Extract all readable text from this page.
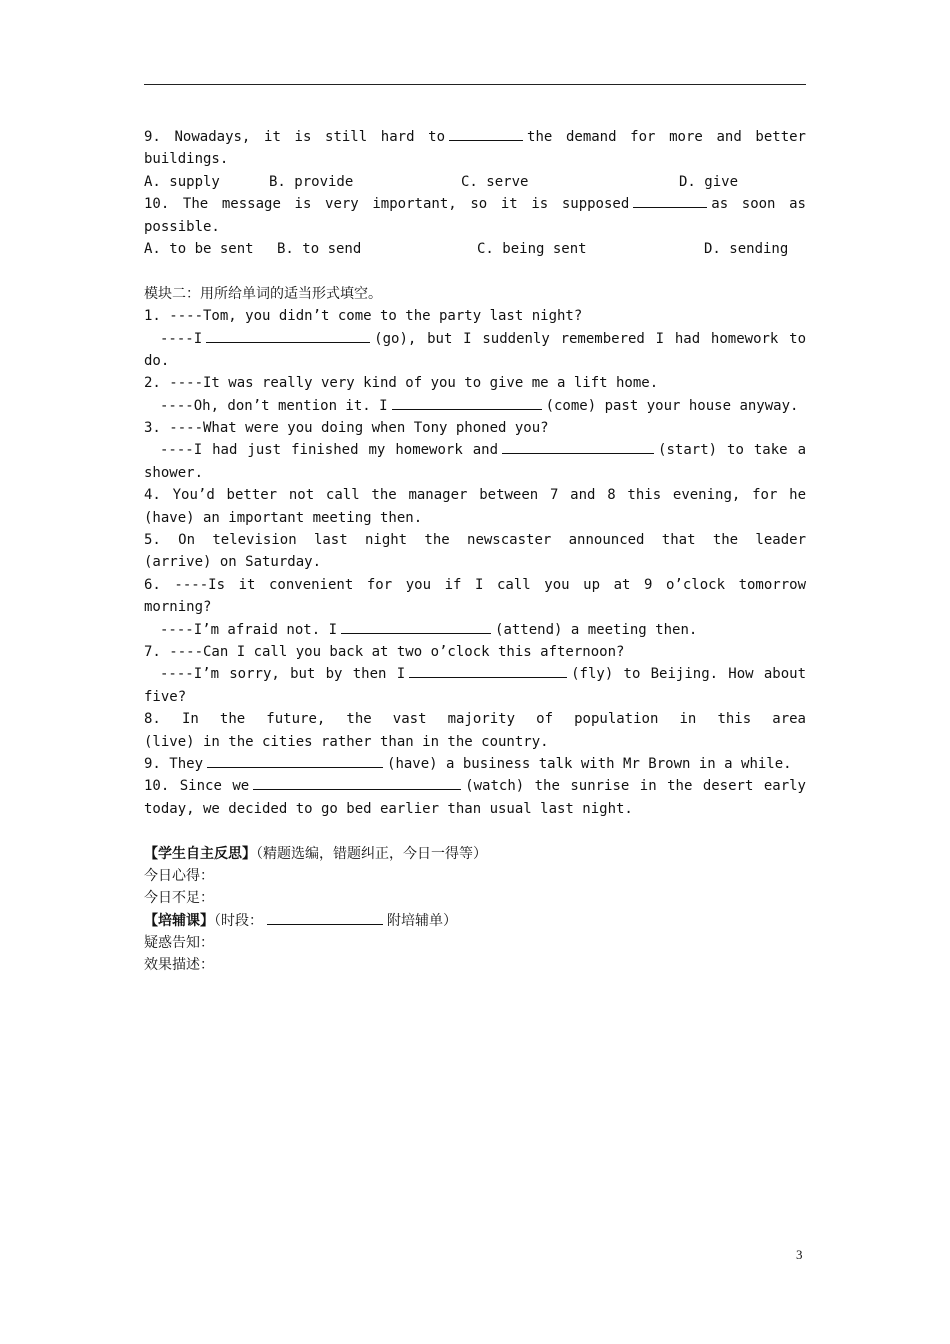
9. Nowadays, it is still hard to	the demand for more and better
buildings.
A. supply	B. provide	C. serve	D. give
10. The message is very important, so it is supposed	as soon as
possible.
A. to be sent B. to send	C. being sent	D. sending
模块二：用所给单词的适当形式填空。
1. ----Tom, you didn’t come to the party last night?
----I	(go), but I suddenly remembered I had homework to
do.
2. ----It was really very kind of you to give me a lift home.
----Oh, don’t mention it. I	(come) past your house anyway.
3. ----What were you doing when Tony phoned you?
----I had just finished my homework and	(start) to take a
shower.
4. You’d better not call the manager between 7 and 8 this evening, for he
(have) an important meeting then.
5. On television last night the newscaster announced that the leader
(arrive) on Saturday.
6. ----Is it convenient for you if I call you up at 9 o’clock tomorrow
morning?
----I’m afraid not. I	(attend) a meeting then.
7. ----Can I call you back at two o’clock this afternoon?
----I’m sorry, but by then I	(fly) to Beijing. How about
five?
8. In the future, the vast majority of population in this area
(live) in the cities rather than in the country.
9. They	(have) a business talk with Mr Brown in a while.
10. Since we	(watch) the sunrise in the desert early
today, we decided to go bed earlier than usual last night.
【学生自主反思】（精题选编，错题纠正，今日一得等）
今日心得：
今日不足：
【培辅课】（时段：	附培辅单）
疑惑告知：
效果描述：
3
